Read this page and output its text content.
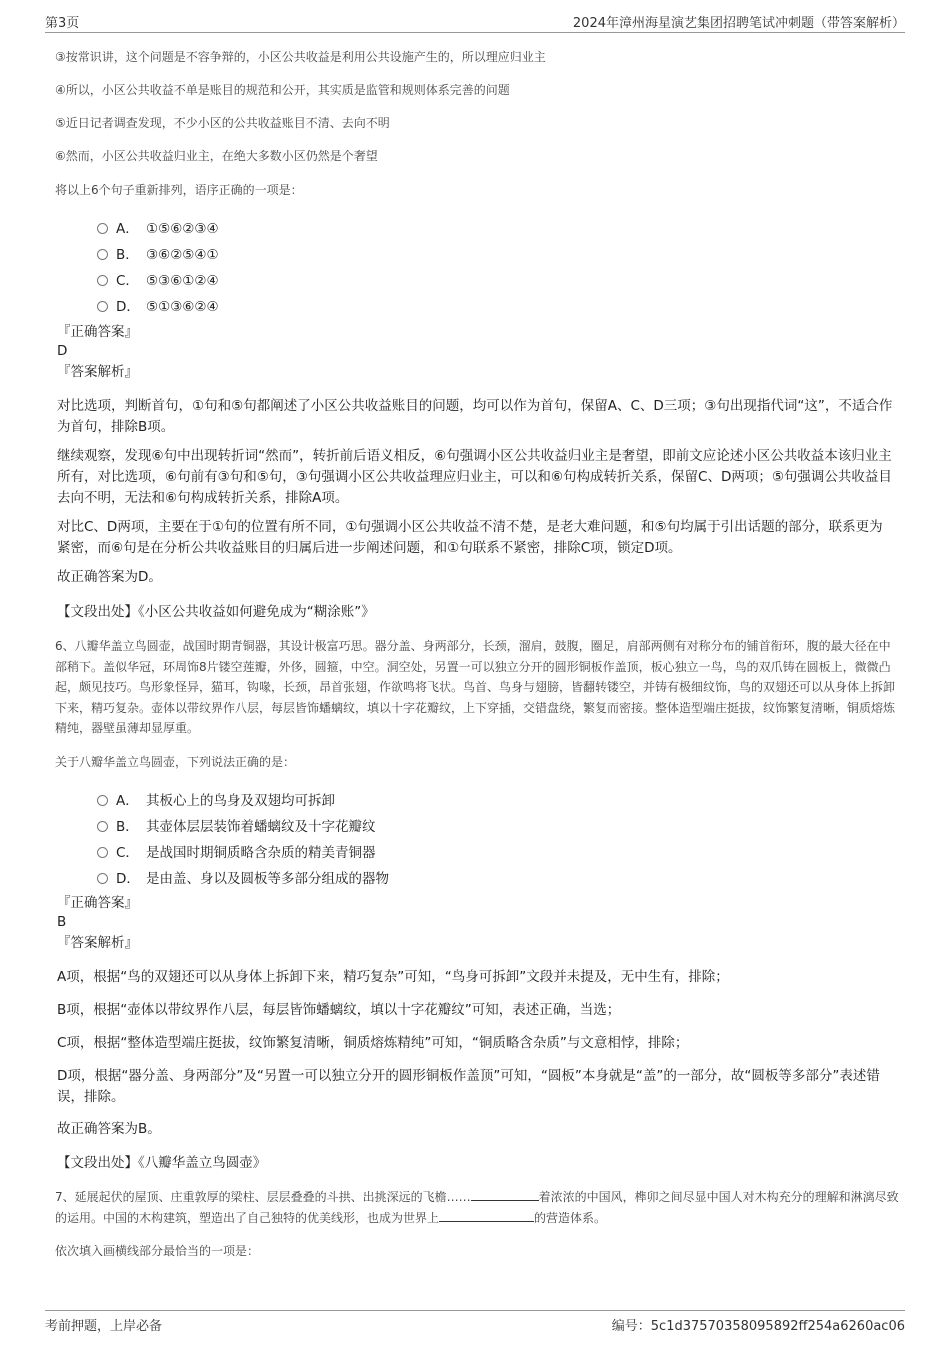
第3页	2024年漳州海星演艺集团招聘笔试冲刺题（带答案解析）
③按常识讲，这个问题是不容争辩的，小区公共收益是利用公共设施产生的，所以理应归业主
④所以，小区公共收益不单是账目的规范和公开，其实质是监管和规则体系完善的问题
⑤近日记者调查发现，不少小区的公共收益账目不清、去向不明
⑥然而，小区公共收益归业主，在绝大多数小区仍然是个奢望
将以上6个句子重新排列，语序正确的一项是：
A． ①⑤⑥②③④
B． ③⑥②⑤④①
C． ⑤③⑥①②④
D． ⑤①③⑥②④
『正确答案』
D
『答案解析』
对比选项，判断首句，①句和⑤句都阐述了小区公共收益账目的问题，均可以作为首句，保留A、C、D三项；③句出现指代词“这”，不适合作为首句，排除B项。
继续观察，发现⑥句中出现转折词“然而”，转折前后语义相反，⑥句强调小区公共收益归业主是奢望，即前文应论述小区公共收益本该归业主所有，对比选项，⑥句前有③句和⑤句，③句强调小区公共收益理应归业主，可以和⑥句构成转折关系，保留C、D两项；⑤句强调公共收益目去向不明，无法和⑥句构成转折关系，排除A项。
对比C、D两项，主要在于①句的位置有所不同，①句强调小区公共收益不清不楚，是老大难问题，和⑤句均属于引出话题的部分，联系更为紧密，而⑥句是在分析公共收益账目的归属后进一步阐述问题，和①句联系不紧密，排除C项，锁定D项。
故正确答案为D。
【文段出处】《小区公共收益如何避免成为“糊涂账”》
6、八瓣华盖立鸟圆壶，战国时期青铜器，其设计极富巧思。器分盖、身两部分，长颈，溜肩，鼓腹，圈足，肩部两侧有对称分布的铺首衔环，腹的最大径在中部稍下。盖似华冠，环周饰8片镂空莲瓣，外侈，圆箍，中空。洞空处，另置一可以独立分开的圆形铜板作盖顶，板心独立一鸟，鸟的双爪铸在圆板上，微微凸起，颇见技巧。鸟形象怪异，猫耳，钩喙，长颈，昂首张翅，作欲鸣将飞状。鸟首、鸟身与翅膀，皆翻转镂空，并铸有极细纹饰，鸟的双翅还可以从身体上拆卸下来，精巧复杂。壶体以带纹界作八层，每层皆饰蟠螭纹，填以十字花瓣纹，上下穿插，交错盘绕，繁复而密接。整体造型端庄挺拔，纹饰繁复清晰，铜质熔炼精纯，器壁虽薄却显厚重。
关于八瓣华盖立鸟圆壶，下列说法正确的是：
A． 其板心上的鸟身及双翅均可拆卸
B． 其壶体层层装饰着蟠螭纹及十字花瓣纹
C． 是战国时期铜质略含杂质的精美青铜器
D． 是由盖、身以及圆板等多部分组成的器物
『正确答案』
B
『答案解析』
A项，根据“鸟的双翅还可以从身体上拆卸下来，精巧复杂”可知，“鸟身可拆卸”文段并未提及，无中生有，排除；
B项，根据“壶体以带纹界作八层，每层皆饰蟠螭纹，填以十字花瓣纹”可知，表述正确，当选；
C项，根据“整体造型端庄挺拔，纹饰繁复清晰，铜质熔炼精纯”可知，“铜质略含杂质”与文意相悖，排除；
D项，根据“器分盖、身两部分”及“另置一可以独立分开的圆形铜板作盖顶”可知，“圆板”本身就是“盖”的一部分，故“圆板等多部分”表述错误，排除。
故正确答案为B。
【文段出处】《八瓣华盖立鸟圆壶》
7、延展起伏的屋顶、庄重敦厚的梁柱、层层叠叠的斗拱、出挑深远的飞檐……	着浓浓的中国风，榫卯之间尽显中国人对木构充分的理解和淋漓尽致的运用。中国的木构建筑，塑造出了自己独特的优美线形，也成为世界上	的营造体系。
依次填入画横线部分最恰当的一项是：
考前押题，上岸必备	编号：5c1d37570358095892ff254a6260ac06
